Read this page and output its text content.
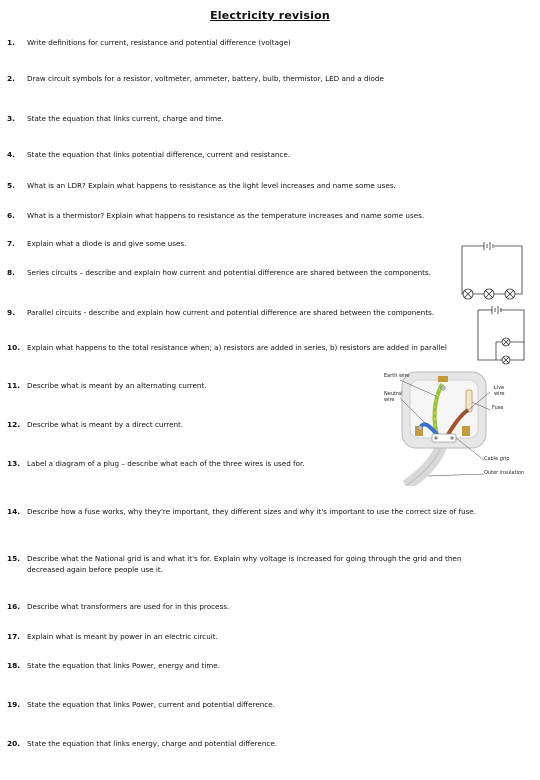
Electricity revision
1. Write definitions for current, resistance and potential difference (voltage)
2. Draw circuit symbols for a resistor, voltmeter, ammeter, battery, bulb, thermistor, LED and a diode
3. State the equation that links current, charge and time.
4. State the equation that links potential difference, current and resistance.
5. What is an LDR? Explain what happens to resistance as the light level increases and name some uses.
6. What is a thermistor? Explain what happens to resistance as the temperature increases and name some uses.
7. Explain what a diode is and give some uses.
8. Series circuits – describe and explain how current and potential difference are shared between the components.
9. Parallel circuits - describe and explain how current and potential difference are shared between the components.
10. Explain what happens to the total resistance when; a) resistors are added in series, b) resistors are added in parallel
11. Describe what is meant by an alternating current.
12. Describe what is meant by a direct current.
13. Label a diagram of a plug – describe what each of the three wires is used for.
14. Describe how a fuse works, why they're important, they different sizes and why it's important to use the correct size of fuse.
15. Describe what the National grid is and what it's for. Explain why voltage is increased for going through the grid and then decreased again before people use it.
16. Describe what transformers are used for in this process.
17. Explain what is meant by power in an electric circuit.
18. State the equation that links Power, energy and time.
19. State the equation that links Power, current and potential difference.
20. State the equation that links energy, charge and potential difference.
Earth wire
Neutral wire
Live wire
Fuse
Cable grip
Outer insulation
